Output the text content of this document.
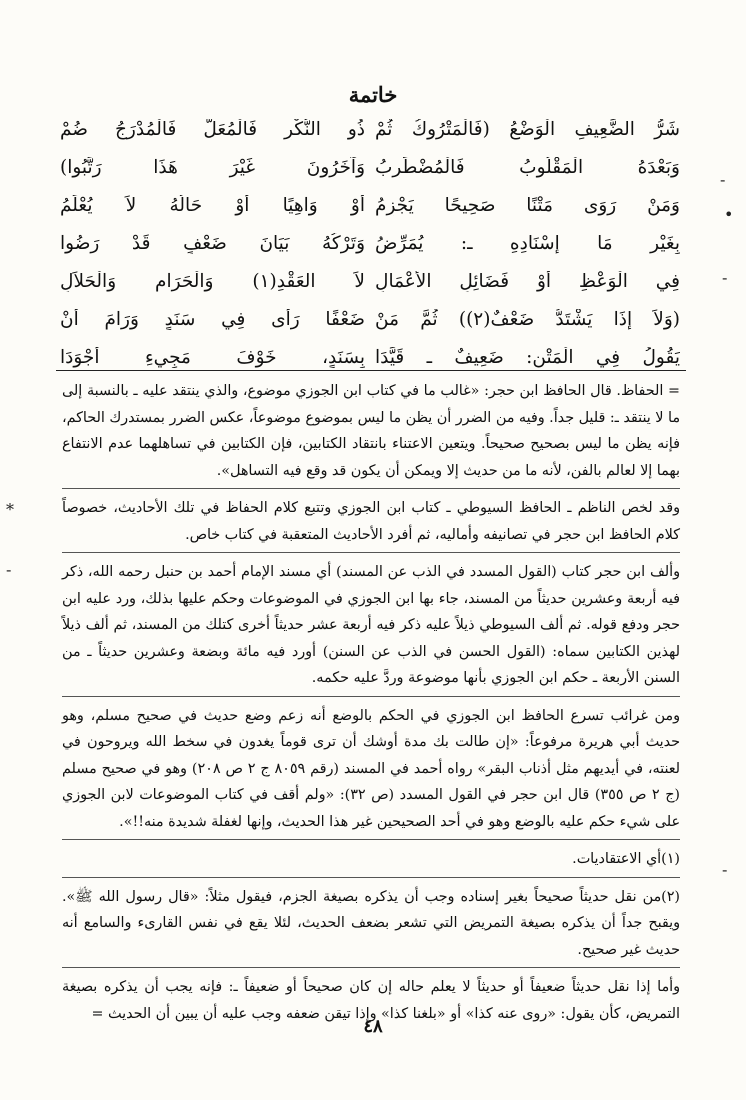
خاتمة
شَرُّ الضَّعِيفِ الْوَضْعُ (فَالْمَتْرُوكُ ثُمْ
ذُو النُّكْرِ فَالْمُعَلُّ فَالْمُدْرَجُ ضُمْ
وَبَعْدَهُ الْمَقْلُوبُ فَالْمُضْطَرِبُ
وَآخَرُونَ غَيْرَ هَذَا رَتَّبُوا)
وَمَنْ رَوَى مَتْنًا صَحِيحًا يَجْزِمُ
أَوْ وَاهِيًا أَوْ حَالُهُ لاَ يُعْلَمُ
بِغَيْرِ مَا إِسْنَادِهِ ـ: يُمَرِّضُ
وَتَرْكُهُ بَيَانَ ضَعْفٍ قَدْ رَضُوا
فِي الْوَعْظِ أَوْ فَضَائِلِ الأَعْمَالِ
لاَ العَقْدِ(١) وَالْحَرَامِ وَالْحَلاَلِ
(وَلاَ إِذَا يَشْتَدُّ ضَعْفٌ(٢)) ثُمَّ مَنْ
ضَعْفًا رَأَى فِي سَنَدٍ وَرَامَ أَنْ
يَقُولُ فِي الْمَتْنِ: ضَعِيفٌ ـ قَيَّدَا
بِسَنَدٍ، خَوْفَ مَجِيءِ أَجْوَدَا

= الحفاظ. قال الحافظ ابن حجر: «غالب ما في كتاب ابن الجوزي موضوع، والذي ينتقد عليه ـ بالنسبة إلى ما لا ينتقد ـ: قليل جداً. وفيه من الضرر أن يظن ما ليس بموضوع موضوعاً، عكس الضرر بمستدرك الحاكم، فإنه يظن ما ليس بصحيح صحيحاً. ويتعين الاعتناء بانتقاد الكتابين، فإن الكتابين في تساهلهما عدم الانتفاع بهما إلا لعالم بالفن، لأنه ما من حديث إلا ويمكن أن يكون قد وقع فيه التساهل».

وقد لخص الناظم ـ الحافظ السيوطي ـ كتاب ابن الجوزي وتتبع كلام الحفاظ في تلك الأحاديث، خصوصاً كلام الحافظ ابن حجر في تصانيفه وأماليه، ثم أفرد الأحاديث المتعقبة في كتاب خاص.

وألف ابن حجر كتاب (القول المسدد في الذب عن المسند) أي مسند الإمام أحمد بن حنبل رحمه الله، ذكر فيه أربعة وعشرين حديثاً من المسند، جاء بها ابن الجوزي في الموضوعات وحكم عليها بذلك، ورد عليه ابن حجر ودفع قوله. ثم ألف السيوطي ذيلاً عليه ذكر فيه أربعة عشر حديثاً أخرى كتلك من المسند، ثم ألف ذيلاً لهذين الكتابين سماه: (القول الحسن في الذب عن السنن) أورد فيه مائة وبضعة وعشرين حديثاً ـ من السنن الأربعة ـ حكم ابن الجوزي بأنها موضوعة وردَّ عليه حكمه.

ومن غرائب تسرع الحافظ ابن الجوزي في الحكم بالوضع أنه زعم وضع حديث في صحيح مسلم، وهو حديث أبي هريرة مرفوعاً: «إن طالت بك مدة أوشك أن ترى قوماً يغدون في سخط الله ويروحون في لعنته، في أيديهم مثل أذناب البقر» رواه أحمد في المسند (رقم ٨٠٥٩ ج ٢ ص ٢٠٨) وهو في صحيح مسلم (ج ٢ ص ٣٥٥) قال ابن حجر في القول المسدد (ص ٣٢): «ولم أقف في كتاب الموضوعات لابن الجوزي على شيء حكم عليه بالوضع وهو في أحد الصحيحين غير هذا الحديث، وإنها لغفلة شديدة منه!!».

(١)أي الاعتقاديات.

(٢)من نقل حديثاً صحيحاً بغير إسناده وجب أن يذكره بصيغة الجزم، فيقول مثلاً: «قال رسول الله ﷺ». ويقبح جداً أن يذكره بصيغة التمريض التي تشعر بضعف الحديث، لئلا يقع في نفس القارىء والسامع أنه حديث غير صحيح.

وأما إذا نقل حديثاً ضعيفاً أو حديثاً لا يعلم حاله إن كان صحيحاً أو ضعيفاً ـ: فإنه يجب أن يذكره بصيغة التمريض، كأن يقول: «روى عنه كذا» أو «بلغنا كذا» وإذا تيقن ضعفه وجب عليه أن يبين أن الحديث =

٤٨
-
•
-
*
-
-
